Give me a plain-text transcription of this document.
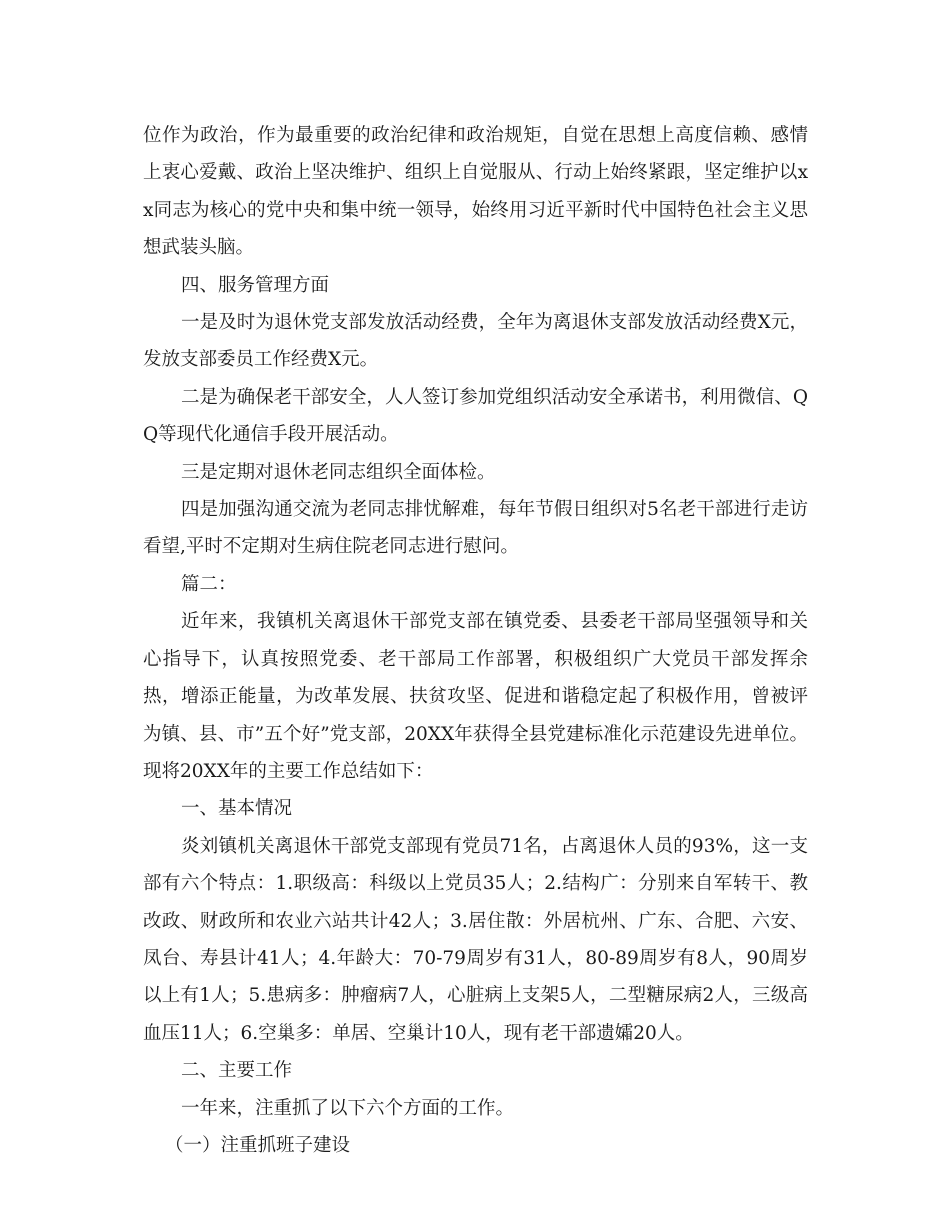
位作为政治，作为最重要的政治纪律和政治规矩，自觉在思想上高度信赖、感情上衷心爱戴、政治上坚决维护、组织上自觉服从、行动上始终紧跟，坚定维护以xx同志为核心的党中央和集中统一领导，始终用习近平新时代中国特色社会主义思想武装头脑。

四、服务管理方面

一是及时为退休党支部发放活动经费，全年为离退休支部发放活动经费X元，发放支部委员工作经费X元。

二是为确保老干部安全，人人签订参加党组织活动安全承诺书，利用微信、QQ等现代化通信手段开展活动。

三是定期对退休老同志组织全面体检。

四是加强沟通交流为老同志排忧解难，每年节假日组织对5名老干部进行走访看望,平时不定期对生病住院老同志进行慰问。

篇二：

近年来，我镇机关离退休干部党支部在镇党委、县委老干部局坚强领导和关心指导下，认真按照党委、老干部局工作部署，积极组织广大党员干部发挥余热，增添正能量，为改革发展、扶贫攻坚、促进和谐稳定起了积极作用，曾被评为镇、县、市”五个好”党支部，20XX年获得全县党建标准化示范建设先进单位。现将20XX年的主要工作总结如下：

一、基本情况

炎刘镇机关离退休干部党支部现有党员71名，占离退休人员的93%，这一支部有六个特点：1.职级高：科级以上党员35人；2.结构广：分别来自军转干、教改政、财政所和农业六站共计42人；3.居住散：外居杭州、广东、合肥、六安、凤台、寿县计41人；4.年龄大：70-79周岁有31人，80-89周岁有8人，90周岁以上有1人；5.患病多：肿瘤病7人，心脏病上支架5人，二型糖尿病2人，三级高血压11人；6.空巢多：单居、空巢计10人，现有老干部遗孀20人。

二、主要工作

一年来，注重抓了以下六个方面的工作。

（一）注重抓班子建设
